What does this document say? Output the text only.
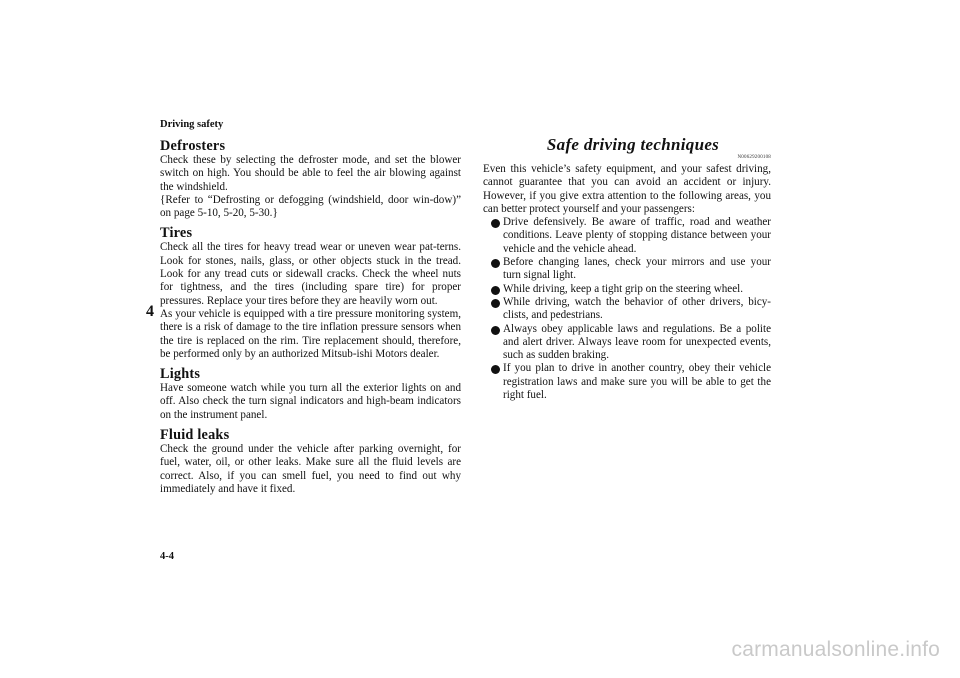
Driving safety
4
Defrosters

Check these by selecting the defroster mode, and set the blower switch on high. You should be able to feel the air blowing against the windshield.

{Refer to “Defrosting or defogging (windshield, door win-dow)” on page 5-10, 5-20, 5-30.}

Tires

Check all the tires for heavy tread wear or uneven wear pat-terns. Look for stones, nails, glass, or other objects stuck in the tread. Look for any tread cuts or sidewall cracks. Check the wheel nuts for tightness, and the tires (including spare tire) for proper pressures. Replace your tires before they are heavily worn out.

As your vehicle is equipped with a tire pressure monitoring system, there is a risk of damage to the tire inflation pressure sensors when the tire is replaced on the rim. Tire replacement should, therefore, be performed only by an authorized Mitsub-ishi Motors dealer.

Lights

Have someone watch while you turn all the exterior lights on and off. Also check the turn signal indicators and high-beam indicators on the instrument panel.

Fluid leaks

Check the ground under the vehicle after parking overnight, for fuel, water, oil, or other leaks. Make sure all the fluid levels are correct. Also, if you can smell fuel, you need to find out why immediately and have it fixed.

Safe driving techniques
N00629200108

Even this vehicle’s safety equipment, and your safest driving, cannot guarantee that you can avoid an accident or injury. However, if you give extra attention to the following areas, you can better protect yourself and your passengers:

Drive defensively. Be aware of traffic, road and weather conditions. Leave plenty of stopping distance between your vehicle and the vehicle ahead.
Before changing lanes, check your mirrors and use your turn signal light.
While driving, keep a tight grip on the steering wheel.
While driving, watch the behavior of other drivers, bicy-clists, and pedestrians.
Always obey applicable laws and regulations. Be a polite and alert driver. Always leave room for unexpected events, such as sudden braking.
If you plan to drive in another country, obey their vehicle registration laws and make sure you will be able to get the right fuel.
4-4
carmanualsonline.info
